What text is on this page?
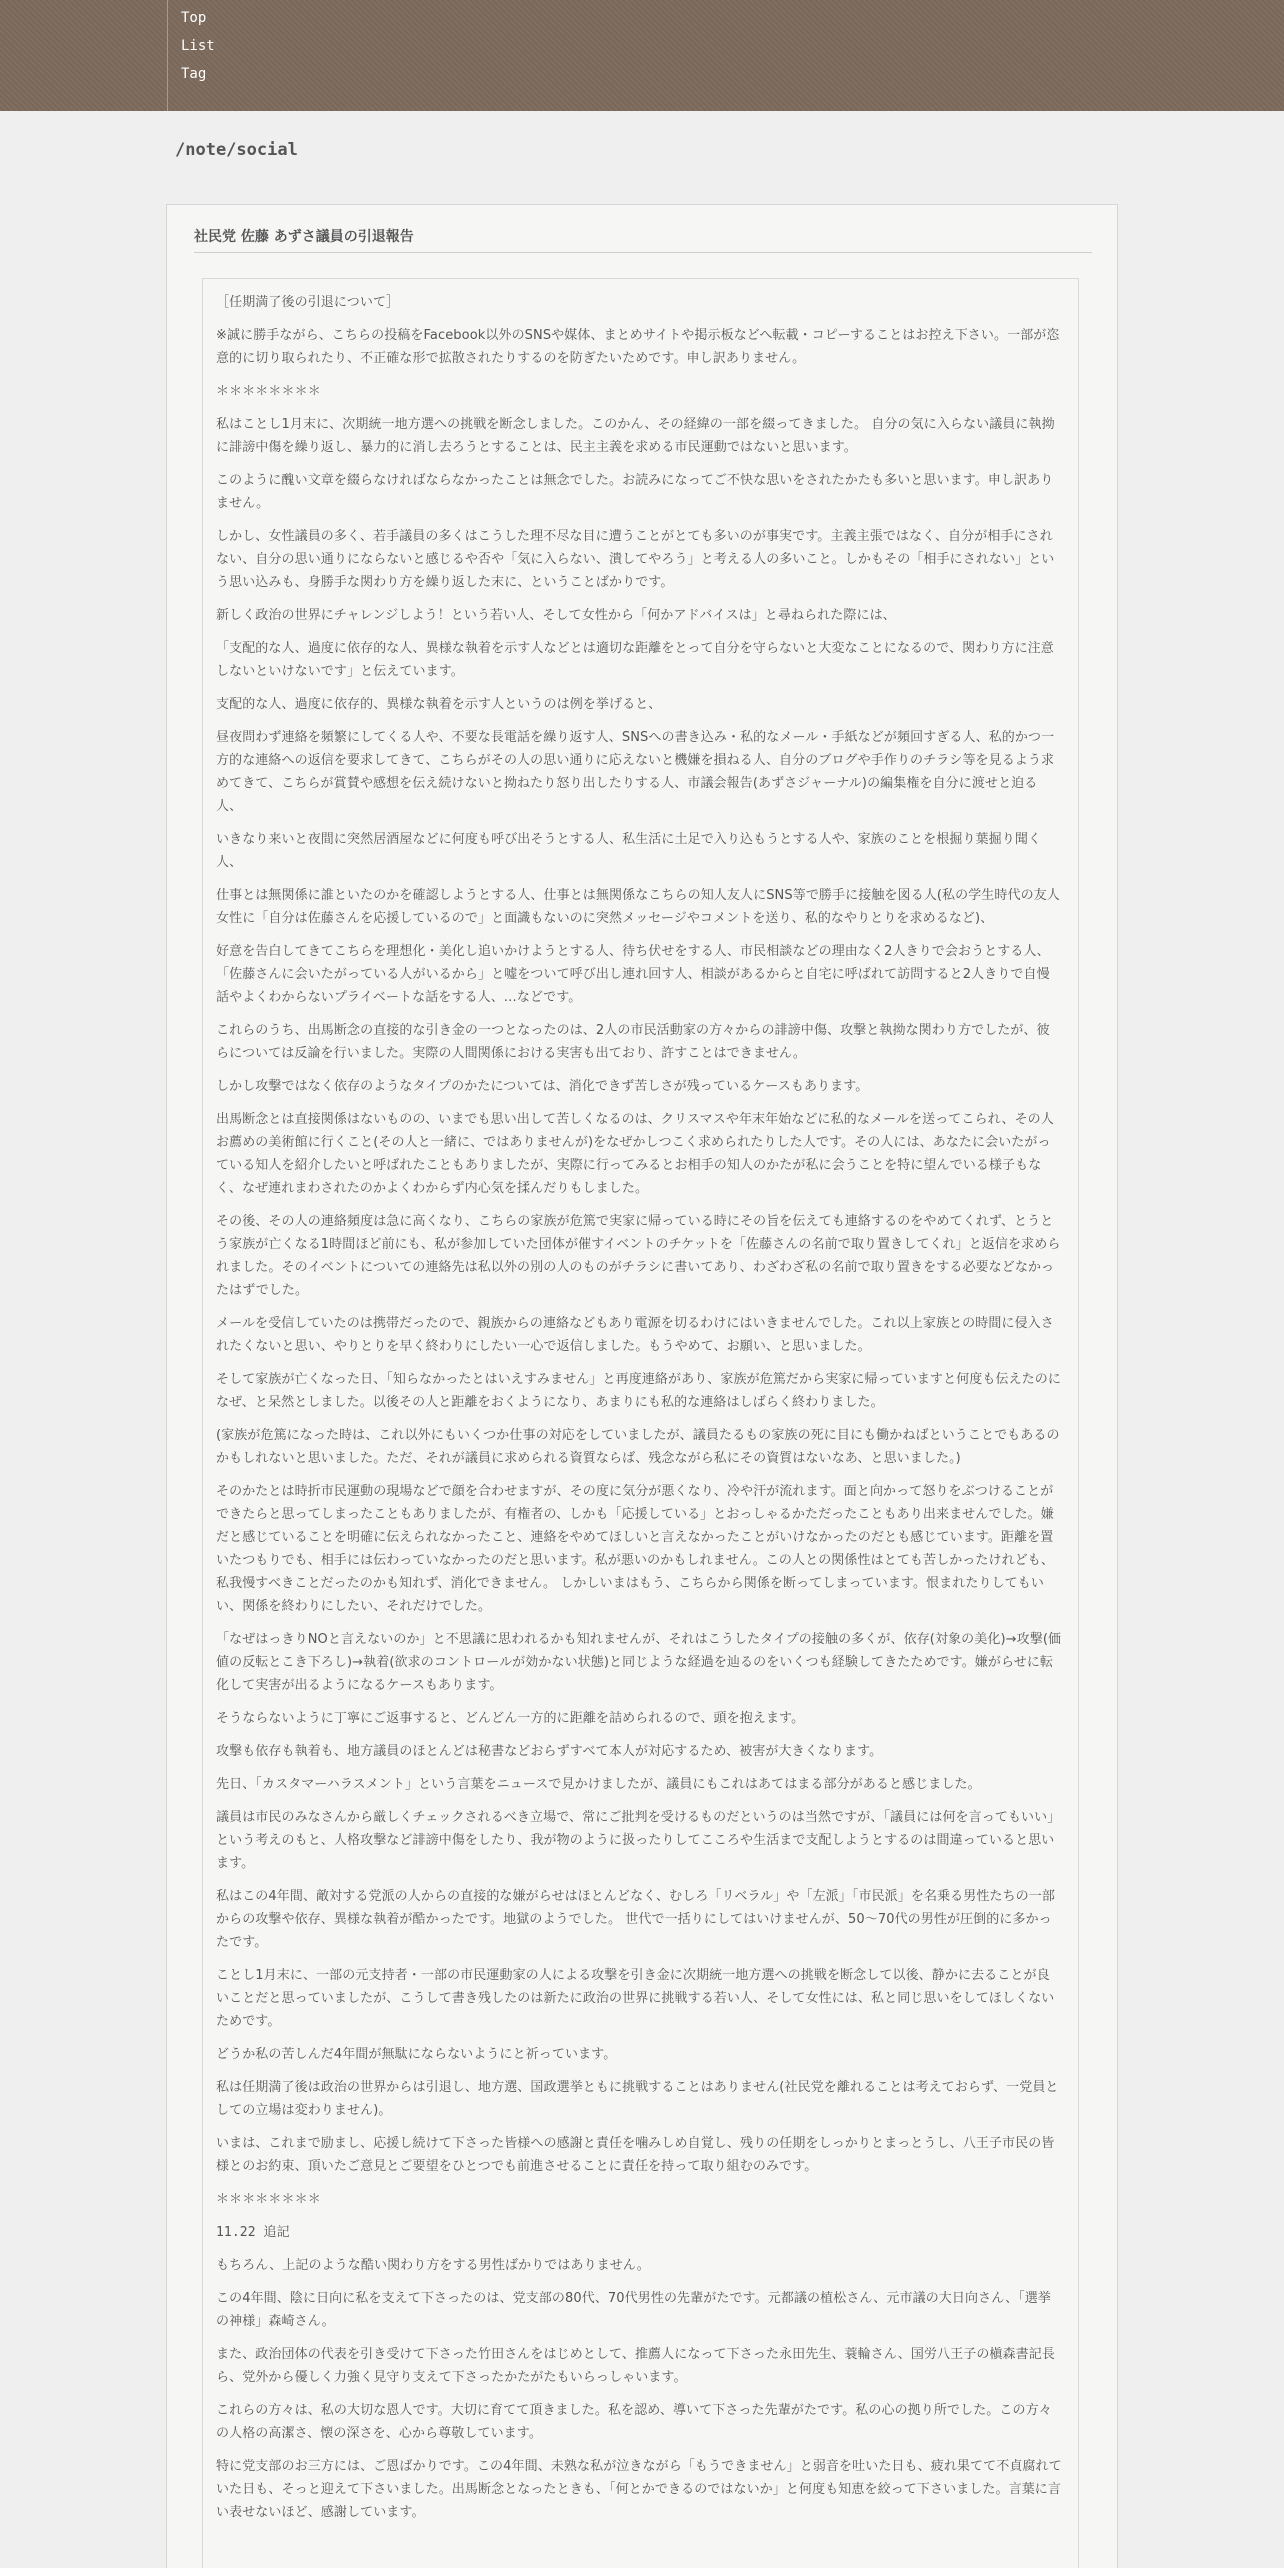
Top
List
Tag
/note/social
社民党 佐藤 あずさ議員の引退報告

［任期満了後の引退について］

※誠に勝手ながら、こちらの投稿をFacebook以外のSNSや媒体、まとめサイトや掲示板などへ転載・コピーすることはお控え下さい。一部が恣意的に切り取られたり、不正確な形で拡散されたりするのを防ぎたいためです。申し訳ありません。

＊＊＊＊＊＊＊＊

私はことし1月末に、次期統一地方選への挑戦を断念しました。このかん、その経緯の一部を綴ってきました。 自分の気に入らない議員に執拗に誹謗中傷を繰り返し、暴力的に消し去ろうとすることは、民主主義を求める市民運動ではないと思います。

このように醜い文章を綴らなければならなかったことは無念でした。お読みになってご不快な思いをされたかたも多いと思います。申し訳ありません。

しかし、女性議員の多く、若手議員の多くはこうした理不尽な目に遭うことがとても多いのが事実です。主義主張ではなく、自分が相手にされない、自分の思い通りにならないと感じるや否や「気に入らない、潰してやろう」と考える人の多いこと。しかもその「相手にされない」という思い込みも、身勝手な関わり方を繰り返した末に、ということばかりです。

新しく政治の世界にチャレンジしよう！という若い人、そして女性から「何かアドバイスは」と尋ねられた際には、

「支配的な人、過度に依存的な人、異様な執着を示す人などとは適切な距離をとって自分を守らないと大変なことになるので、関わり方に注意しないといけないです」と伝えています。

支配的な人、過度に依存的、異様な執着を示す人というのは例を挙げると、

昼夜問わず連絡を頻繁にしてくる人や、不要な長電話を繰り返す人、SNSへの書き込み・私的なメール・手紙などが頻回すぎる人、私的かつ一方的な連絡への返信を要求してきて、こちらがその人の思い通りに応えないと機嫌を損ねる人、自分のブログや手作りのチラシ等を見るよう求めてきて、こちらが賞賛や感想を伝え続けないと拗ねたり怒り出したりする人、市議会報告(あずさジャーナル)の編集権を自分に渡せと迫る人、

いきなり来いと夜間に突然居酒屋などに何度も呼び出そうとする人、私生活に土足で入り込もうとする人や、家族のことを根掘り葉掘り聞く人、

仕事とは無関係に誰といたのかを確認しようとする人、仕事とは無関係なこちらの知人友人にSNS等で勝手に接触を図る人(私の学生時代の友人女性に「自分は佐藤さんを応援しているので」と面識もないのに突然メッセージやコメントを送り、私的なやりとりを求めるなど)、

好意を告白してきてこちらを理想化・美化し追いかけようとする人、待ち伏せをする人、市民相談などの理由なく2人きりで会おうとする人、「佐藤さんに会いたがっている人がいるから」と嘘をついて呼び出し連れ回す人、相談があるからと自宅に呼ばれて訪問すると2人きりで自慢話やよくわからないプライベートな話をする人、…などです。

これらのうち、出馬断念の直接的な引き金の一つとなったのは、2人の市民活動家の方々からの誹謗中傷、攻撃と執拗な関わり方でしたが、彼らについては反論を行いました。実際の人間関係における実害も出ており、許すことはできません。

しかし攻撃ではなく依存のようなタイプのかたについては、消化できず苦しさが残っているケースもあります。

出馬断念とは直接関係はないものの、いまでも思い出して苦しくなるのは、クリスマスや年末年始などに私的なメールを送ってこられ、その人お薦めの美術館に行くこと(その人と一緒に、ではありませんが)をなぜかしつこく求められたりした人です。その人には、あなたに会いたがっている知人を紹介したいと呼ばれたこともありましたが、実際に行ってみるとお相手の知人のかたが私に会うことを特に望んでいる様子もなく、なぜ連れまわされたのかよくわからず内心気を揉んだりもしました。

その後、その人の連絡頻度は急に高くなり、こちらの家族が危篤で実家に帰っている時にその旨を伝えても連絡するのをやめてくれず、とうとう家族が亡くなる1時間ほど前にも、私が参加していた団体が催すイベントのチケットを「佐藤さんの名前で取り置きしてくれ」と返信を求められました。そのイベントについての連絡先は私以外の別の人のものがチラシに書いてあり、わざわざ私の名前で取り置きをする必要などなかったはずでした。

メールを受信していたのは携帯だったので、親族からの連絡などもあり電源を切るわけにはいきませんでした。これ以上家族との時間に侵入されたくないと思い、やりとりを早く終わりにしたい一心で返信しました。もうやめて、お願い、と思いました。

そして家族が亡くなった日、「知らなかったとはいえすみません」と再度連絡があり、家族が危篤だから実家に帰っていますと何度も伝えたのになぜ、と呆然としました。以後その人と距離をおくようになり、あまりにも私的な連絡はしばらく終わりました。

(家族が危篤になった時は、これ以外にもいくつか仕事の対応をしていましたが、議員たるもの家族の死に目にも働かねばということでもあるのかもしれないと思いました。ただ、それが議員に求められる資質ならば、残念ながら私にその資質はないなあ、と思いました。)

そのかたとは時折市民運動の現場などで顔を合わせますが、その度に気分が悪くなり、冷や汗が流れます。面と向かって怒りをぶつけることができたらと思ってしまったこともありましたが、有権者の、しかも「応援している」とおっしゃるかただったこともあり出来ませんでした。嫌だと感じていることを明確に伝えられなかったこと、連絡をやめてほしいと言えなかったことがいけなかったのだとも感じています。距離を置いたつもりでも、相手には伝わっていなかったのだと思います。私が悪いのかもしれません。この人との関係性はとても苦しかったけれども、私我慢すべきことだったのかも知れず、消化できません。 しかしいまはもう、こちらから関係を断ってしまっています。恨まれたりしてもいい、関係を終わりにしたい、それだけでした。

「なぜはっきりNOと言えないのか」と不思議に思われるかも知れませんが、それはこうしたタイプの接触の多くが、依存(対象の美化)→攻撃(価値の反転とこき下ろし)→執着(欲求のコントロールが効かない状態)と同じような経過を辿るのをいくつも経験してきたためです。嫌がらせに転化して実害が出るようになるケースもあります。

そうならないように丁寧にご返事すると、どんどん一方的に距離を詰められるので、頭を抱えます。

攻撃も依存も執着も、地方議員のほとんどは秘書などおらずすべて本人が対応するため、被害が大きくなります。

先日、「カスタマーハラスメント」という言葉をニュースで見かけましたが、議員にもこれはあてはまる部分があると感じました。

議員は市民のみなさんから厳しくチェックされるべき立場で、常にご批判を受けるものだというのは当然ですが、「議員には何を言ってもいい」という考えのもと、人格攻撃など誹謗中傷をしたり、我が物のように扱ったりしてこころや生活まで支配しようとするのは間違っていると思います。

私はこの4年間、敵対する党派の人からの直接的な嫌がらせはほとんどなく、むしろ「リベラル」や「左派」「市民派」を名乗る男性たちの一部からの攻撃や依存、異様な執着が酷かったです。地獄のようでした。 世代で一括りにしてはいけませんが、50〜70代の男性が圧倒的に多かったです。

ことし1月末に、一部の元支持者・一部の市民運動家の人による攻撃を引き金に次期統一地方選への挑戦を断念して以後、静かに去ることが良いことだと思っていましたが、こうして書き残したのは新たに政治の世界に挑戦する若い人、そして女性には、私と同じ思いをしてほしくないためです。

どうか私の苦しんだ4年間が無駄にならないようにと祈っています。

私は任期満了後は政治の世界からは引退し、地方選、国政選挙ともに挑戦することはありません(社民党を離れることは考えておらず、一党員としての立場は変わりません)。

いまは、これまで励まし、応援し続けて下さった皆様への感謝と責任を噛みしめ自覚し、残りの任期をしっかりとまっとうし、八王子市民の皆様とのお約束、頂いたご意見とご要望をひとつでも前進させることに責任を持って取り組むのみです。

＊＊＊＊＊＊＊＊

11.22 追記

もちろん、上記のような酷い関わり方をする男性ばかりではありません。

この4年間、陰に日向に私を支えて下さったのは、党支部の80代、70代男性の先輩がたです。元都議の植松さん、元市議の大日向さん、「選挙の神様」森崎さん。

また、政治団体の代表を引き受けて下さった竹田さんをはじめとして、推薦人になって下さった永田先生、蓑輪さん、国労八王子の槇森書記長ら、党外から優しく力強く見守り支えて下さったかたがたもいらっしゃいます。

これらの方々は、私の大切な恩人です。大切に育てて頂きました。私を認め、導いて下さった先輩がたです。私の心の拠り所でした。この方々の人格の高潔さ、懐の深さを、心から尊敬しています。

特に党支部のお三方には、ご恩ばかりです。この4年間、未熟な私が泣きながら「もうできません」と弱音を吐いた日も、疲れ果てて不貞腐れていた日も、そっと迎えて下さいました。出馬断念となったときも、「何とかできるのではないか」と何度も知恵を絞って下さいました。言葉に言い表せないほど、感謝しています。
